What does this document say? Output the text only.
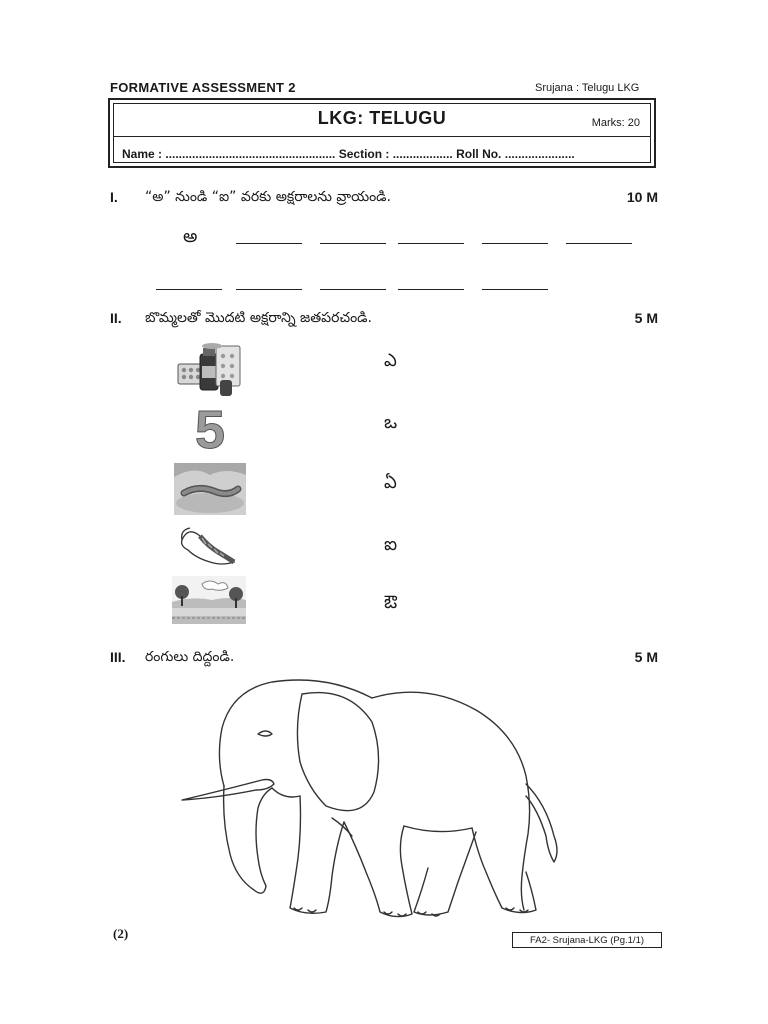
FORMATIVE ASSESSMENT 2	Srujana : Telugu LKG
LKG: TELUGU	Marks: 20
Name : ................................................... Section : .................. Roll No. .....................
I. “అ” నుండి “ఐ” వరకు అక్షరాలను వ్రాయండి.	10 M
అ
II. బొమ్మలతో మొదటి అక్షరాన్ని జతపరచండి.	5 M
5
ఎ
ఒ
ఏ
ఐ
ఔ
III. రంగులు దిద్దండి.	5 M
(2)	FA2- Srujana-LKG (Pg.1/1)
